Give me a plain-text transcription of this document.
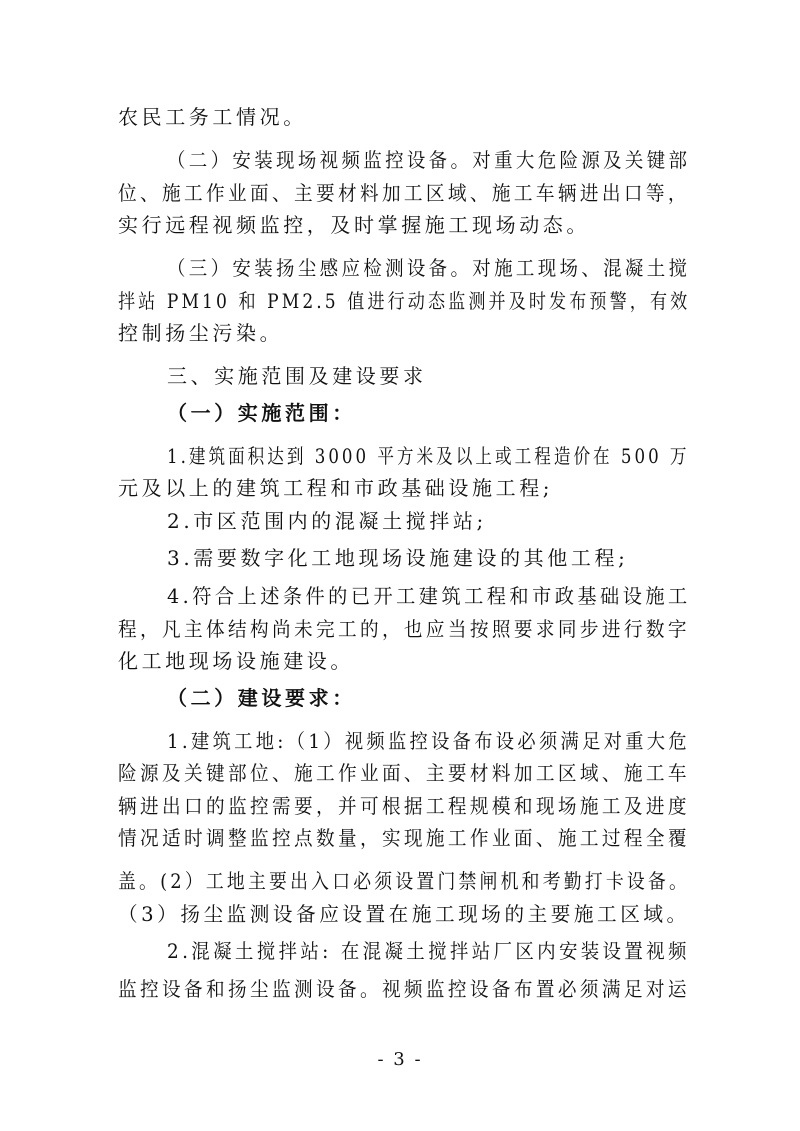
农民工务工情况。
（二）安装现场视频监控设备。对重大危险源及关键部
位、施工作业面、主要材料加工区域、施工车辆进出口等，
实行远程视频监控，及时掌握施工现场动态。
（三）安装扬尘感应检测设备。对施工现场、混凝土搅
拌站 PM10 和 PM2.5 值进行动态监测并及时发布预警，有效
控制扬尘污染。
三、实施范围及建设要求
（一）实施范围：
1.建筑面积达到 3000 平方米及以上或工程造价在 500 万
元及以上的建筑工程和市政基础设施工程;
2.市区范围内的混凝土搅拌站;
3.需要数字化工地现场设施建设的其他工程;
4.符合上述条件的已开工建筑工程和市政基础设施工
程，凡主体结构尚未完工的，也应当按照要求同步进行数字
化工地现场设施建设。
（二）建设要求：
1.建筑工地:（1）视频监控设备布设必须满足对重大危
险源及关键部位、施工作业面、主要材料加工区域、施工车
辆进出口的监控需要，并可根据工程规模和现场施工及进度
情况适时调整监控点数量，实现施工作业面、施工过程全覆
盖。(2）工地主要出入口必须设置门禁闸机和考勤打卡设备。
（3）扬尘监测设备应设置在施工现场的主要施工区域。
2.混凝土搅拌站: 在混凝土搅拌站厂区内安装设置视频
监控设备和扬尘监测设备。视频监控设备布置必须满足对运
- 3 -
